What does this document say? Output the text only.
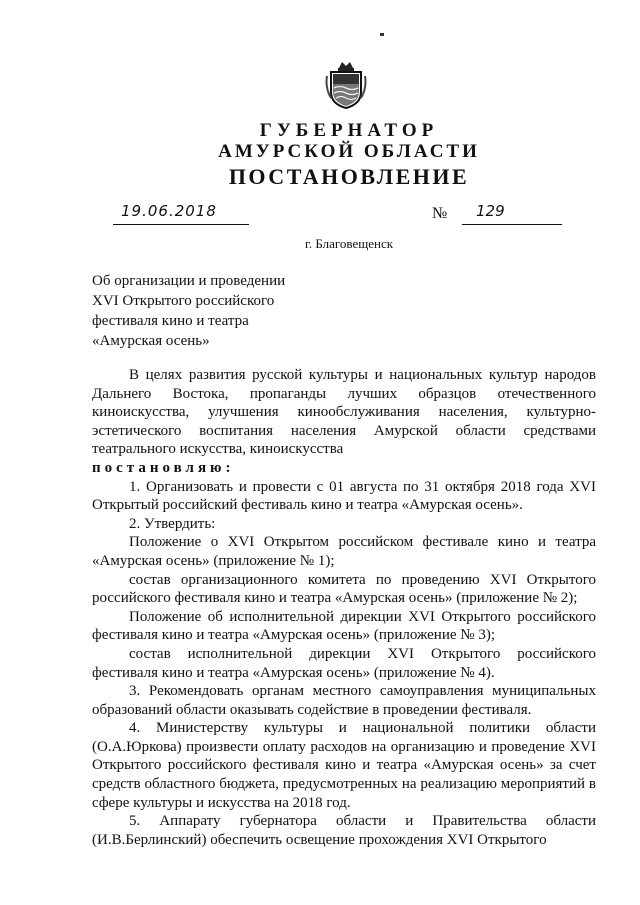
ГУБЕРНАТОР
АМУРСКОЙ ОБЛАСТИ
ПОСТАНОВЛЕНИЕ
19.06.2018	№ 129
г. Благовещенск
Об организации и проведении
XVI Открытого российского
фестиваля кино и театра
«Амурская осень»

В целях развития русской культуры и национальных культур народов Дальнего Востока, пропаганды лучших образцов отечественного киноискусства, улучшения кинообслуживания населения, культурно-эстетического воспитания населения Амурской области средствами театрального искусства, киноискусства

постановляю:

1. Организовать и провести с 01 августа по 31 октября 2018 года XVI Открытый российский фестиваль кино и театра «Амурская осень».

2. Утвердить:

Положение о XVI Открытом российском фестивале кино и театра «Амурская осень» (приложение № 1);

состав организационного комитета по проведению XVI Открытого российского фестиваля кино и театра «Амурская осень» (приложение № 2);

Положение об исполнительной дирекции XVI Открытого российского фестиваля кино и театра «Амурская осень» (приложение № 3);

состав исполнительной дирекции XVI Открытого российского фестиваля кино и театра «Амурская осень» (приложение № 4).

3. Рекомендовать органам местного самоуправления муниципальных образований области оказывать содействие в проведении фестиваля.

4. Министерству культуры и национальной политики области (О.А.Юркова) произвести оплату расходов на организацию и проведение XVI Открытого российского фестиваля кино и театра «Амурская осень» за счет средств областного бюджета, предусмотренных на реализацию мероприятий в сфере культуры и искусства на 2018 год.

5. Аппарату губернатора области и Правительства области (И.В.Берлинский) обеспечить освещение прохождения XVI Открытого
